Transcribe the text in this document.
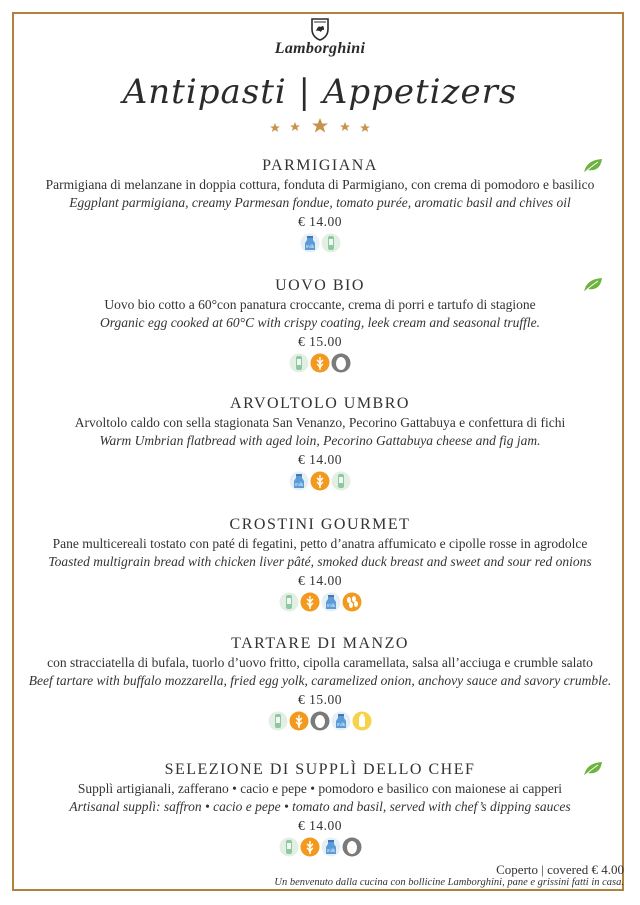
Lamborghini
Antipasti | Appetizers
PARMIGIANA
Parmigiana di melanzane in doppia cottura, fonduta di Parmigiano, con crema di pomodoro e basilico
Eggplant parmigiana, creamy Parmesan fondue, tomato purée, aromatic basil and chives oil
€ 14.00
milk
UOVO BIO
Uovo bio cotto a 60°con panatura croccante, crema di porri e tartufo di stagione
Organic egg cooked at 60°C with crispy coating, leek cream and seasonal truffle.
€ 15.00
ARVOLTOLO UMBRO
Arvoltolo caldo con sella stagionata San Venanzo, Pecorino Gattabuya e confettura di fichi
Warm Umbrian flatbread with aged loin, Pecorino Gattabuya cheese and fig jam.
€ 14.00
milk
CROSTINI GOURMET
Pane multicereali tostato con paté di fegatini, petto d’anatra affumicato e cipolle rosse in agrodolce
Toasted multigrain bread with chicken liver pâté, smoked duck breast and sweet and sour red onions
€ 14.00
milk
TARTARE DI MANZO
con stracciatella di bufala, tuorlo d’uovo fritto, cipolla caramellata, salsa all’acciuga e crumble salato
Beef tartare with buffalo mozzarella, fried egg yolk, caramelized onion, anchovy sauce and savory crumble.
€ 15.00
milk
SELEZIONE DI SUPPLÌ DELLO CHEF
Supplì artigianali, zafferano • cacio e pepe • pomodoro e basilico con maionese ai capperi
Artisanal supplì: saffron • cacio e pepe • tomato and basil, served with chef’s dipping sauces
€ 14.00
milk
Coperto | covered € 4.00
Un benvenuto dalla cucina con bollicine Lamborghini, pane e grissini fatti in casa.
